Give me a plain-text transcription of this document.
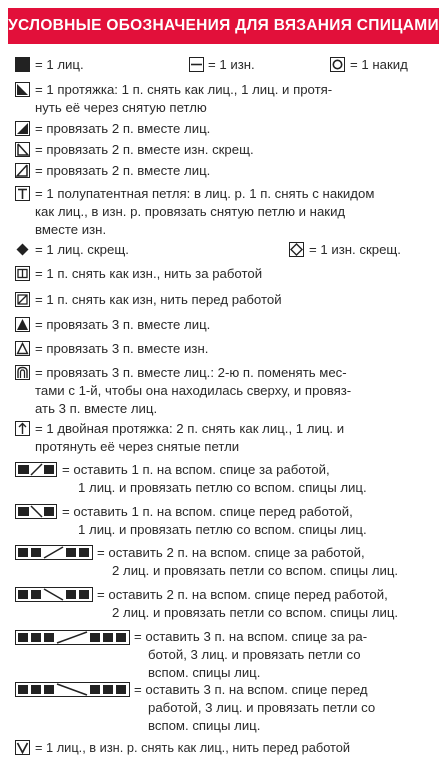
УСЛОВНЫЕ ОБОЗНАЧЕНИЯ ДЛЯ ВЯЗАНИЯ СПИЦАМИ
= 1 лиц.	= 1 изн.	= 1 накид
= 1 протяжка: 1 п. снять как лиц., 1 лиц. и протя-
нуть её через снятую петлю
= провязать 2 п. вместе лиц.
= провязать 2 п. вместе изн. скрещ.
= провязать 2 п. вместе лиц.
= 1 полупатентная петля: в лиц. р. 1 п. снять с накидом
как лиц., в изн. р. провязать снятую петлю и накид
вместе изн.
= 1 лиц. скрещ.	= 1 изн. скрещ.
= 1 п. снять как изн., нить за работой
= 1 п. снять как изн, нить перед работой
= провязать 3 п. вместе лиц.
= провязать 3 п. вместе изн.
= провязать 3 п. вместе лиц.: 2-ю п. поменять мес-
тами с 1-й, чтобы она находилась сверху, и провяз-
ать 3 п. вместе лиц.
= 1 двойная протяжка: 2 п. снять как лиц., 1 лиц. и
протянуть её через снятые петли
= оставить 1 п. на вспом. спице за работой,
1 лиц. и провязать петлю со вспом. спицы лиц.
= оставить 1 п. на вспом. спице перед работой,
1 лиц. и провязать петлю со вспом. спицы лиц.
= оставить 2 п. на вспом. спице за работой,
2 лиц. и провязать петли со вспом. спицы лиц.
= оставить 2 п. на вспом. спице перед работой,
2 лиц. и провязать петли со вспом. спицы лиц.
= оставить 3 п. на вспом. спице за ра-
ботой, 3 лиц. и провязать петли со
вспом. спицы лиц.
= оставить 3 п. на вспом. спице перед
работой, 3 лиц. и провязать петли со
вспом. спицы лиц.
= 1 лиц., в изн. р. снять как лиц., нить перед работой
